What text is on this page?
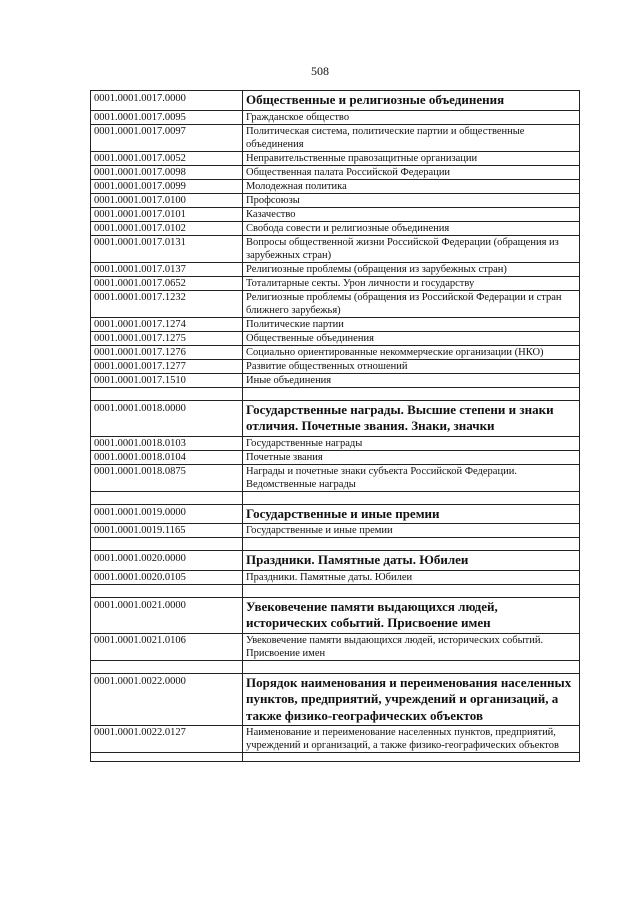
508
0001.0001.0017.0000	Общественные и религиозные объединения
0001.0001.0017.0095	Гражданское общество
0001.0001.0017.0097	Политическая система, политические партии и общественные объединения
0001.0001.0017.0052	Неправительственные правозащитные организации
0001.0001.0017.0098	Общественная палата Российской Федерации
0001.0001.0017.0099	Молодежная политика
0001.0001.0017.0100	Профсоюзы
0001.0001.0017.0101	Казачество
0001.0001.0017.0102	Свобода совести и религиозные объединения
0001.0001.0017.0131	Вопросы общественной жизни Российской Федерации (обращения из зарубежных стран)
0001.0001.0017.0137	Религиозные проблемы (обращения из зарубежных стран)
0001.0001.0017.0652	Тоталитарные секты. Урон личности и государству
0001.0001.0017.1232	Религиозные проблемы (обращения из Российской Федерации и стран ближнего зарубежья)
0001.0001.0017.1274	Политические партии
0001.0001.0017.1275	Общественные объединения
0001.0001.0017.1276	Социально ориентированные некоммерческие организации (НКО)
0001.0001.0017.1277	Развитие общественных отношений
0001.0001.0017.1510	Иные объединения

0001.0001.0018.0000	Государственные награды. Высшие степени и знаки отличия. Почетные звания. Знаки, значки
0001.0001.0018.0103	Государственные награды
0001.0001.0018.0104	Почетные звания
0001.0001.0018.0875	Награды и почетные знаки субъекта Российской Федерации. Ведомственные награды

0001.0001.0019.0000	Государственные и иные премии
0001.0001.0019.1165	Государственные и иные премии

0001.0001.0020.0000	Праздники. Памятные даты. Юбилеи
0001.0001.0020.0105	Праздники. Памятные даты. Юбилеи

0001.0001.0021.0000	Увековечение памяти выдающихся людей, исторических событий. Присвоение имен
0001.0001.0021.0106	Увековечение памяти выдающихся людей, исторических событий. Присвоение имен

0001.0001.0022.0000	Порядок наименования и переименования населенных пунктов, предприятий, учреждений и организаций, а также физико-географических объектов
0001.0001.0022.0127	Наименование и переименование населенных пунктов, предприятий, учреждений и организаций, а также физико-географических объектов
